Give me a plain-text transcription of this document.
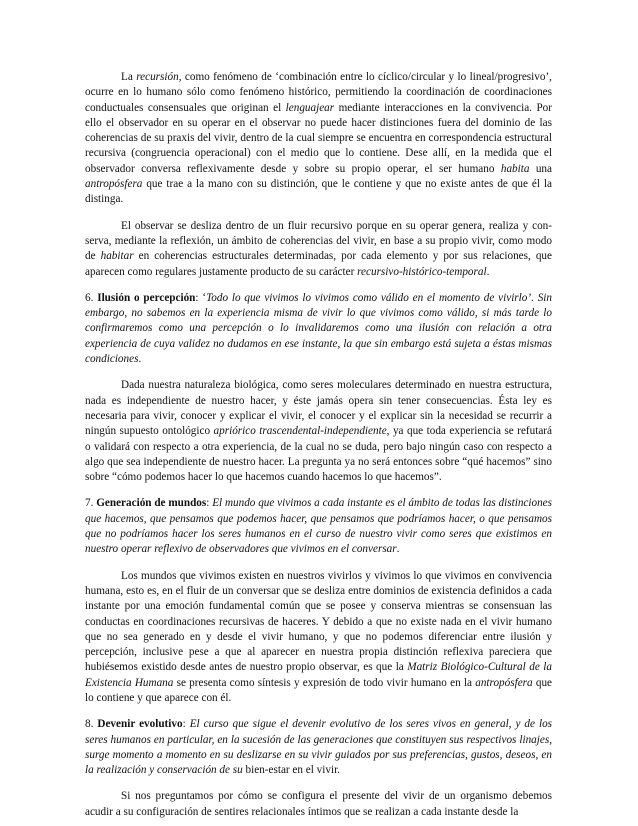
La recursión, como fenómeno de ‘combinación entre lo cíclico/circular y lo lineal/progresivo’, ocurre en lo humano sólo como fenómeno histórico, permitiendo la coordinación de coordinaciones conductuales consensuales que originan el lenguajear mediante interacciones en la convivencia. Por ello el observador en su operar en el observar no puede hacer distinciones fuera del dominio de las coherencias de su praxis del vivir, dentro de la cual siempre se encuentra en correspondencia estructural recursiva (congruencia operacional) con el medio que lo contiene. Dese allí, en la medida que el observador conversa reflexivamente desde y sobre su propio operar, el ser humano habita una antropósfera que trae a la mano con su distinción, que le contiene y que no existe antes de que él la distinga.

El observar se desliza dentro de un fluir recursivo porque en su operar genera, realiza y conserva, mediante la reflexión, un ámbito de coherencias del vivir, en base a su propio vivir, como modo de habitar en coherencias estructurales determinadas, por cada elemento y por sus relaciones, que aparecen como regulares justamente producto de su carácter recursivo-histórico-temporal.

6. Ilusión o percepción: ‘Todo lo que vivimos lo vivimos como válido en el momento de vivirlo’. Sin embargo, no sabemos en la experiencia misma de vivir lo que vivimos como válido, si más tarde lo confirmaremos como una percepción o lo invalidaremos como una ilusión con relación a otra experiencia de cuya validez no dudamos en ese instante, la que sin embargo está sujeta a éstas mismas condiciones.

Dada nuestra naturaleza biológica, como seres moleculares determinado en nuestra estructura, nada es independiente de nuestro hacer, y éste jamás opera sin tener consecuencias. Ésta ley es necesaria para vivir, conocer y explicar el vivir, el conocer y el explicar sin la necesidad se recurrir a ningún supuesto ontológico apriórico trascendental-independiente, ya que toda experiencia se refutará o validará con respecto a otra experiencia, de la cual no se duda, pero bajo ningún caso con respecto a algo que sea independiente de nuestro hacer. La pregunta ya no será entonces sobre “qué hacemos” sino sobre “cómo podemos hacer lo que hacemos cuando hacemos lo que hacemos”.

7. Generación de mundos: El mundo que vivimos a cada instante es el ámbito de todas las distinciones que hacemos, que pensamos que podemos hacer, que pensamos que podríamos hacer, o que pensamos que no podríamos hacer los seres humanos en el curso de nuestro vivir como seres que existimos en nuestro operar reflexivo de observadores que vivimos en el conversar.

Los mundos que vivimos existen en nuestros vivirlos y vivimos lo que vivimos en convivencia humana, esto es, en el fluir de un conversar que se desliza entre dominios de existencia definidos a cada instante por una emoción fundamental común que se posee y conserva mientras se consensuan las conductas en coordinaciones recursivas de haceres. Y debido a que no existe nada en el vivir humano que no sea generado en y desde el vivir humano, y que no podemos diferenciar entre ilusión y percepción, inclusive pese a que al aparecer en nuestra propia distinción reflexiva pareciera que hubiésemos existido desde antes de nuestro propio observar, es que la Matriz Biológico-Cultural de la Existencia Humana se presenta como síntesis y expresión de todo vivir humano en la antropósfera que lo contiene y que aparece con él.

8. Devenir evolutivo: El curso que sigue el devenir evolutivo de los seres vivos en general, y de los seres humanos en particular, en la sucesión de las generaciones que constituyen sus respectivos linajes, surge momento a momento en su deslizarse en su vivir guiados por sus preferencias, gustos, deseos, en la realización y conservación de su bien-estar en el vivir.

Si nos preguntamos por cómo se configura el presente del vivir de un organismo debemos acudir a su configuración de sentires relacionales íntimos que se realizan a cada instante desde la
